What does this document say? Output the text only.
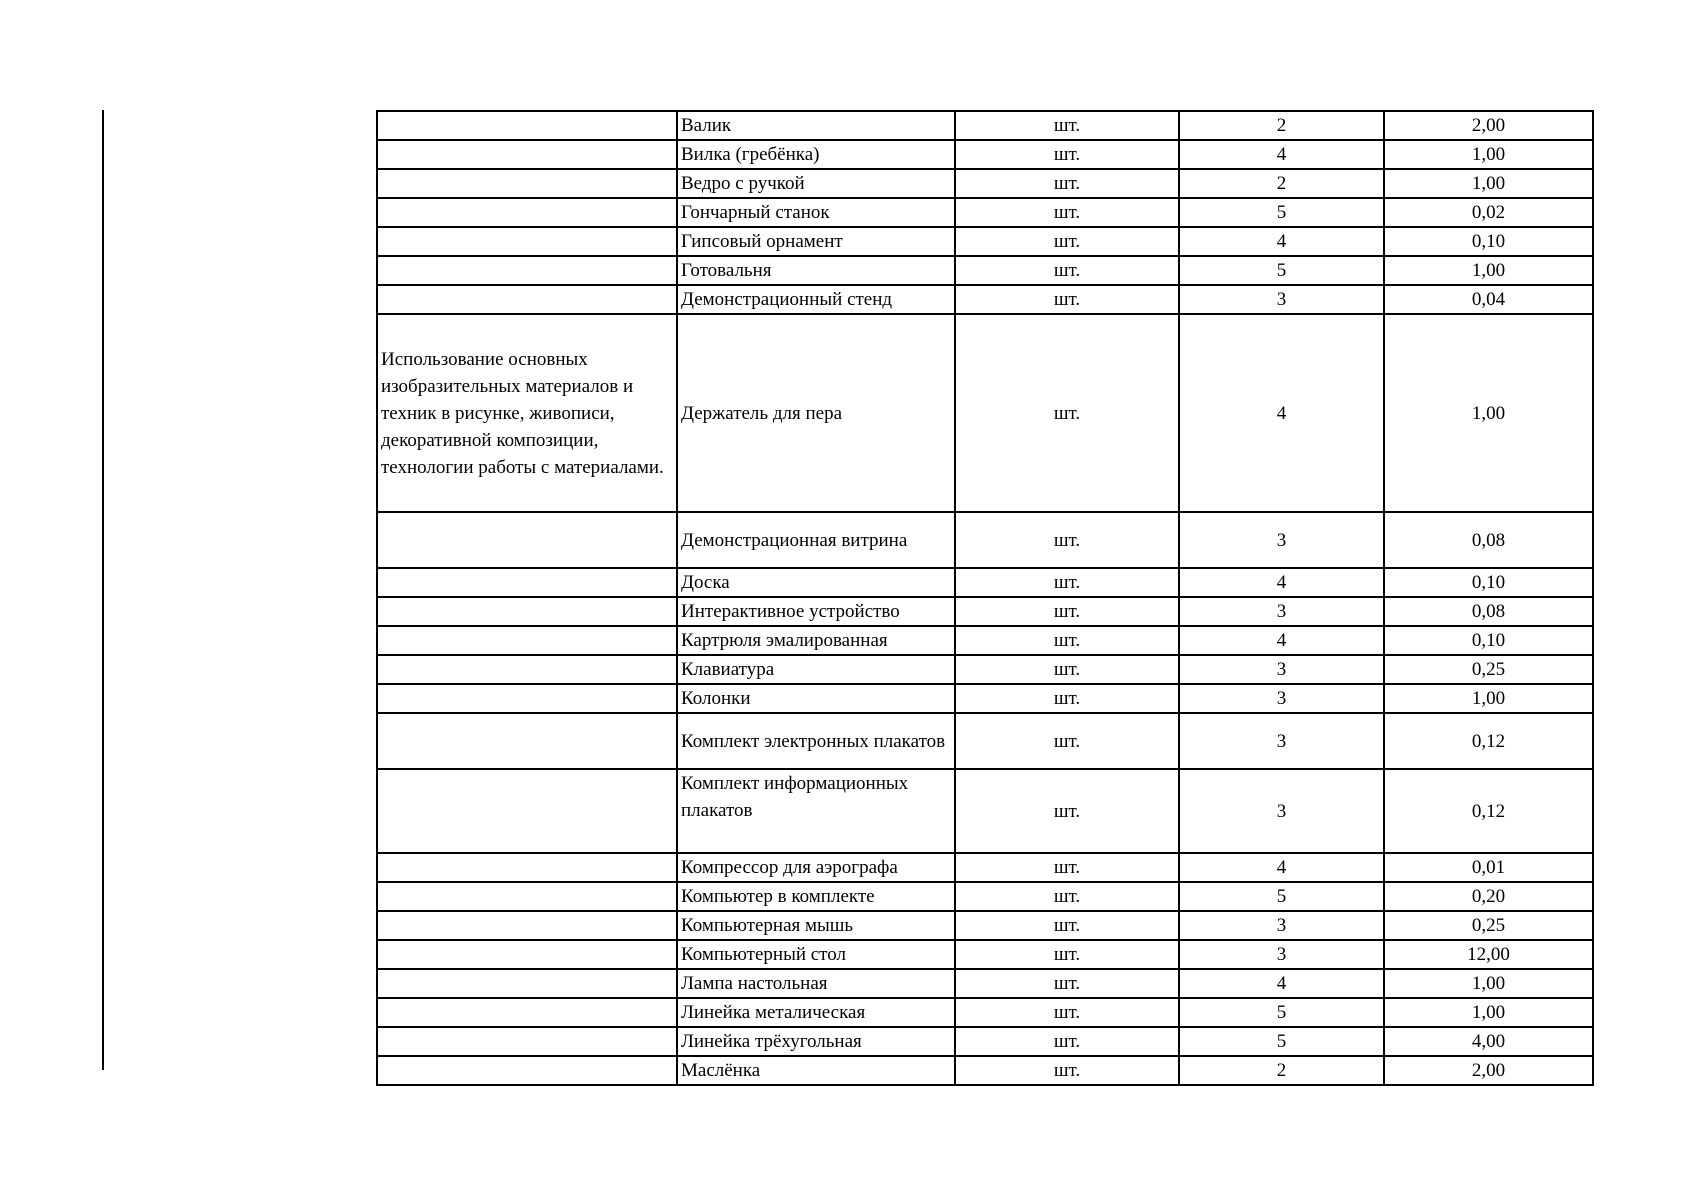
	Валик	шт.	2	2,00
	Вилка (гребёнка)	шт.	4	1,00
	Ведро с ручкой	шт.	2	1,00
	Гончарный станок	шт.	5	0,02
	Гипсовый орнамент	шт.	4	0,10
	Готовальня	шт.	5	1,00
	Демонстрационный стенд	шт.	3	0,04
Использование основных изобразительных материалов и техник в рисунке, живописи, декоративной композиции, технологии работы с материалами.	Держатель для пера	шт.	4	1,00
	Демонстрационная витрина	шт.	3	0,08
	Доска	шт.	4	0,10
	Интерактивное устройство	шт.	3	0,08
	Картрюля эмалированная	шт.	4	0,10
	Клавиатура	шт.	3	0,25
	Колонки	шт.	3	1,00
	Комплект электронных плакатов	шт.	3	0,12
	Комплект информационных плакатов	шт.	3	0,12
	Компрессор для аэрографа	шт.	4	0,01
	Компьютер в комплекте	шт.	5	0,20
	Компьютерная мышь	шт.	3	0,25
	Компьютерный стол	шт.	3	12,00
	Лампа настольная	шт.	4	1,00
	Линейка металическая	шт.	5	1,00
	Линейка трёхугольная	шт.	5	4,00
	Маслёнка	шт.	2	2,00
